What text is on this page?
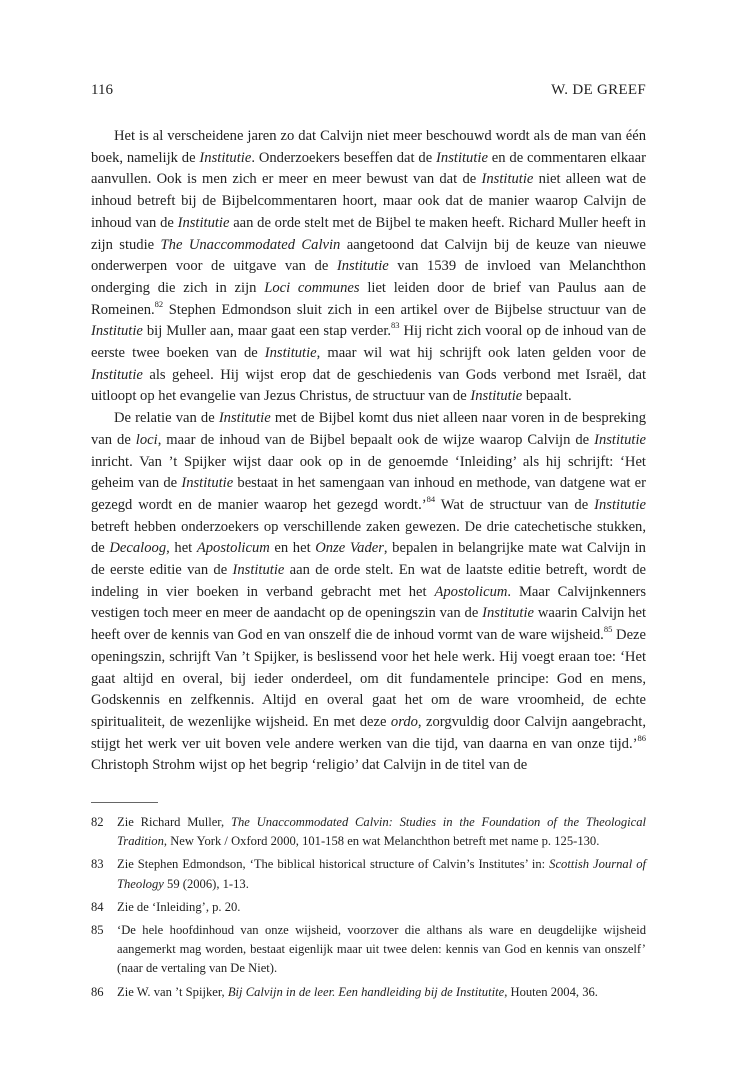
116	W. DE GREEF

Het is al verscheidene jaren zo dat Calvijn niet meer beschouwd wordt als de man van één boek, namelijk de Institutie. Onderzoekers beseffen dat de Institutie en de commentaren elkaar aanvullen. Ook is men zich er meer en meer bewust van dat de Institutie niet alleen wat de inhoud betreft bij de Bijbelcommentaren hoort, maar ook dat de manier waarop Calvijn de inhoud van de Institutie aan de orde stelt met de Bijbel te maken heeft. Richard Muller heeft in zijn studie The Unaccommodated Calvin aangetoond dat Calvijn bij de keuze van nieuwe onderwerpen voor de uitgave van de Institutie van 1539 de invloed van Melanchthon onderging die zich in zijn Loci communes liet leiden door de brief van Paulus aan de Romeinen.$^{82}$ Stephen Edmondson sluit zich in een artikel over de Bijbelse structuur van de Institutie bij Muller aan, maar gaat een stap verder.$^{83}$ Hij richt zich vooral op de inhoud van de eerste twee boeken van de Institutie, maar wil wat hij schrijft ook laten gelden voor de Institutie als geheel. Hij wijst erop dat de geschiedenis van Gods verbond met Israël, dat uitloopt op het evangelie van Jezus Christus, de structuur van de Institutie bepaalt.

De relatie van de Institutie met de Bijbel komt dus niet alleen naar voren in de bespreking van de loci, maar de inhoud van de Bijbel bepaalt ook de wijze waarop Calvijn de Institutie inricht. Van ’t Spijker wijst daar ook op in de genoemde ‘Inleiding’ als hij schrijft: ‘Het geheim van de Institutie bestaat in het samengaan van inhoud en methode, van datgene wat er gezegd wordt en de manier waarop het gezegd wordt.’$^{84}$ Wat de structuur van de Institutie betreft hebben onderzoekers op verschillende zaken gewezen. De drie catechetische stukken, de Decaloog, het Apostolicum en het Onze Vader, bepalen in belangrijke mate wat Calvijn in de eerste editie van de Institutie aan de orde stelt. En wat de laatste editie betreft, wordt de indeling in vier boeken in verband gebracht met het Apostolicum. Maar Calvijnkenners vestigen toch meer en meer de aandacht op de openingszin van de Institutie waarin Calvijn het heeft over de kennis van God en van onszelf die de inhoud vormt van de ware wijsheid.$^{85}$ Deze openingszin, schrijft Van ’t Spijker, is beslissend voor het hele werk. Hij voegt eraan toe: ‘Het gaat altijd en overal, bij ieder onderdeel, om dit fundamentele principe: God en mens, Godskennis en zelfkennis. Altijd en overal gaat het om de ware vroomheid, de echte spiritualiteit, de wezenlijke wijsheid. En met deze ordo, zorgvuldig door Calvijn aangebracht, stijgt het werk ver uit boven vele andere werken van die tijd, van daarna en van onze tijd.’$^{86}$ Christoph Strohm wijst op het begrip ‘religio’ dat Calvijn in de titel van de

82	Zie Richard Muller, The Unaccommodated Calvin: Studies in the Foundation of the Theological Tradition, New York / Oxford 2000, 101-158 en wat Melanchthon betreft met name p. 125-130.
83	Zie Stephen Edmondson, ‘The biblical historical structure of Calvin’s Institutes’ in: Scottish Journal of Theology 59 (2006), 1-13.
84	Zie de ‘Inleiding’, p. 20.
85	‘De hele hoofdinhoud van onze wijsheid, voorzover die althans als ware en deugdelijke wijsheid aangemerkt mag worden, bestaat eigenlijk maar uit twee delen: kennis van God en kennis van onszelf’ (naar de vertaling van De Niet).
86	Zie W. van ’t Spijker, Bij Calvijn in de leer. Een handleiding bij de Institutite, Houten 2004, 36.
